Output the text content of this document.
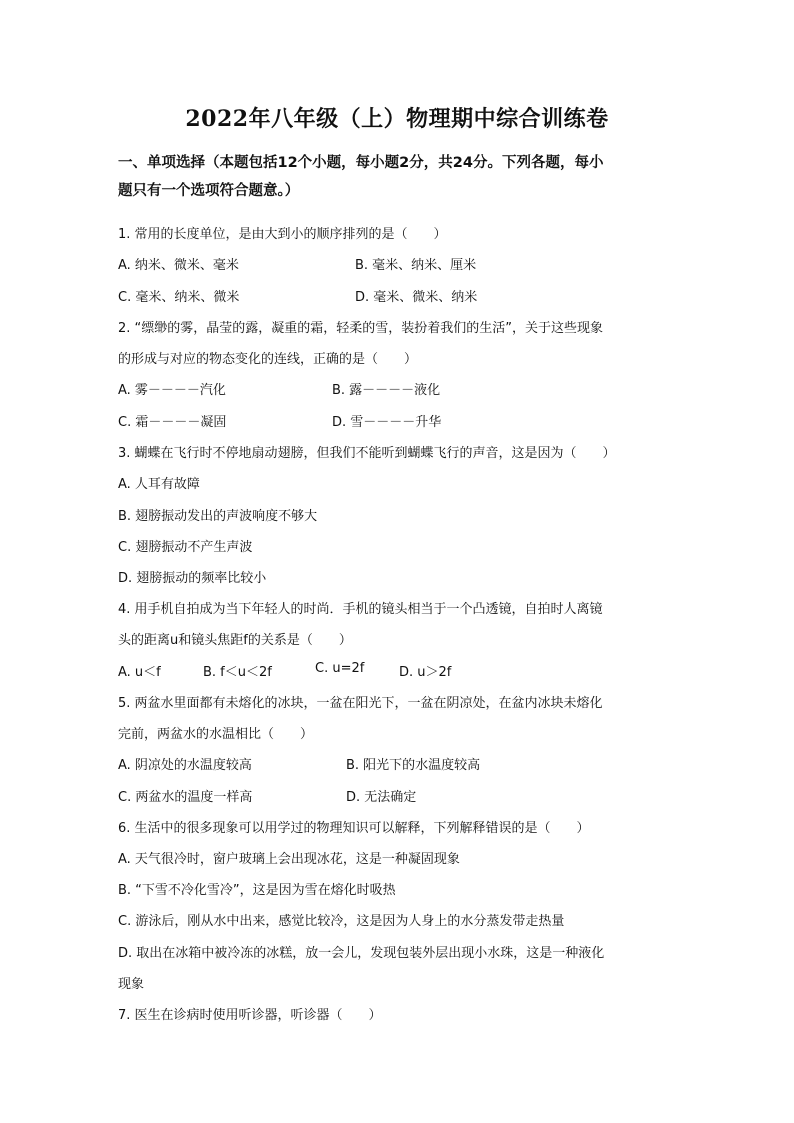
2022年八年级（上）物理期中综合训练卷
一、单项选择（本题包括12个小题，每小题2分，共24分。下列各题，每小
题只有一个选项符合题意。）
1. 常用的长度单位，是由大到小的顺序排列的是（　　）
A. 纳米、微米、毫米	B. 毫米、纳米、厘米
C. 毫米、纳米、微米	D. 毫米、微米、纳米
2. “缥缈的雾，晶莹的露，凝重的霜，轻柔的雪，装扮着我们的生活”，关于这些现象
的形成与对应的物态变化的连线，正确的是（　　）
A. 雾－－－－汽化	B. 露－－－－液化
C. 霜－－－－凝固	D. 雪－－－－升华
3. 蝴蝶在飞行时不停地扇动翅膀，但我们不能听到蝴蝶飞行的声音，这是因为（　　）
A. 人耳有故障
B. 翅膀振动发出的声波响度不够大
C. 翅膀振动不产生声波
D. 翅膀振动的频率比较小
4. 用手机自拍成为当下年轻人的时尚．手机的镜头相当于一个凸透镜，自拍时人离镜
头的距离u和镜头焦距f的关系是（　　）
A. u＜f	B. f＜u＜2f	C. u=2f	D. u＞2f
5. 两盆水里面都有未熔化的冰块，一盆在阳光下，一盆在阴凉处，在盆内冰块未熔化
完前，两盆水的水温相比（　　）
A. 阴凉处的水温度较高	B. 阳光下的水温度较高
C. 两盆水的温度一样高	D. 无法确定
6. 生活中的很多现象可以用学过的物理知识可以解释，下列解释错误的是（　　）
A. 天气很冷时，窗户玻璃上会出现冰花，这是一种凝固现象
B. “下雪不冷化雪冷”，这是因为雪在熔化时吸热
C. 游泳后，刚从水中出来，感觉比较冷，这是因为人身上的水分蒸发带走热量
D. 取出在冰箱中被冷冻的冰糕，放一会儿，发现包装外层出现小水珠，这是一种液化
现象
7. 医生在诊病时使用听诊器，听诊器（　　）
